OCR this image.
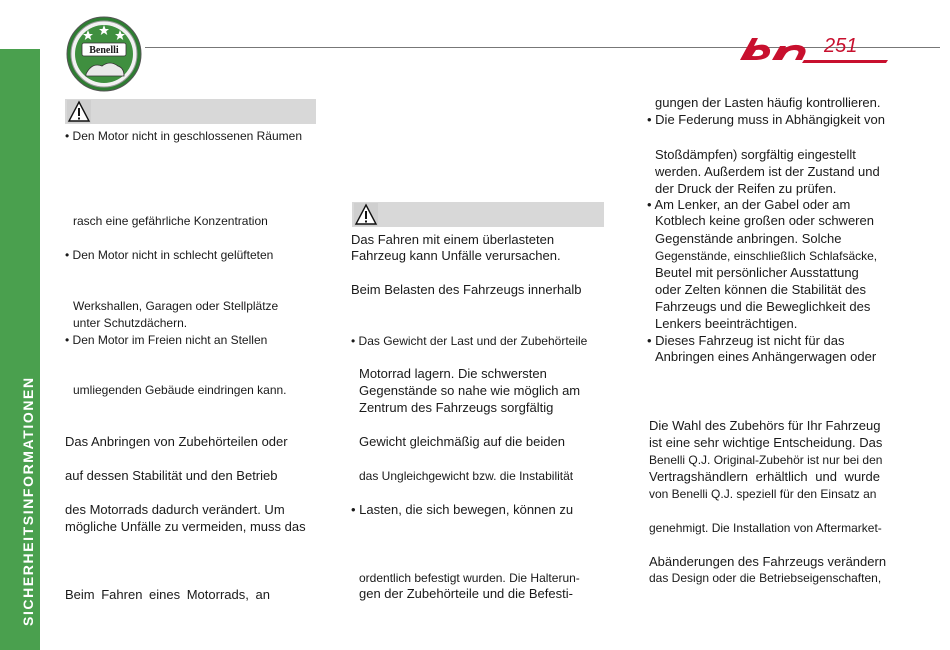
Benelli	251
SICHERHEITSINFORMATIONEN
• Den Motor nicht in geschlossenen Räumen
rasch eine gefährliche Konzentration
• Den Motor nicht in schlecht gelüfteten
Werkshallen, Garagen oder Stellplätze
unter Schutzdächern.
• Den Motor im Freien nicht an Stellen
umliegenden Gebäude eindringen kann.
Das Anbringen von Zubehörteilen oder
auf dessen Stabilität und den Betrieb
des Motorrads dadurch verändert. Um
mögliche Unfälle zu vermeiden, muss das
Beim Fahren eines Motorrads, an
Das Fahren mit einem überlasteten
Fahrzeug kann Unfälle verursachen.
Beim Belasten des Fahrzeugs innerhalb
• Das Gewicht der Last und der Zubehörteile
Motorrad lagern. Die schwersten
Gegenstände so nahe wie möglich am
Zentrum des Fahrzeugs sorgfältig
Gewicht gleichmäßig auf die beiden
das Ungleichgewicht bzw. die Instabilität
• Lasten, die sich bewegen, können zu
ordentlich befestigt wurden. Die Halterun-
gen der Zubehörteile und die Befesti-
gungen der Lasten häufig kontrollieren.
• Die Federung muss in Abhängigkeit von
Stoßdämpfen) sorgfältig eingestellt
werden. Außerdem ist der Zustand und
der Druck der Reifen zu prüfen.
• Am Lenker, an der Gabel oder am
Kotblech keine großen oder schweren
Gegenstände anbringen. Solche
Gegenstände, einschließlich Schlafsäcke,
Beutel mit persönlicher Ausstattung
oder Zelten können die Stabilität des
Fahrzeugs und die Beweglichkeit des
Lenkers beeinträchtigen.
• Dieses Fahrzeug ist nicht für das
Anbringen eines Anhängerwagen oder
Die Wahl des Zubehörs für Ihr Fahrzeug
ist eine sehr wichtige Entscheidung. Das
Benelli Q.J. Original-Zubehör ist nur bei den
Vertragshändlern erhältlich und wurde
von Benelli Q.J. speziell für den Einsatz an
genehmigt. Die Installation von Aftermarket-
Abänderungen des Fahrzeugs verändern
das Design oder die Betriebseigenschaften,
